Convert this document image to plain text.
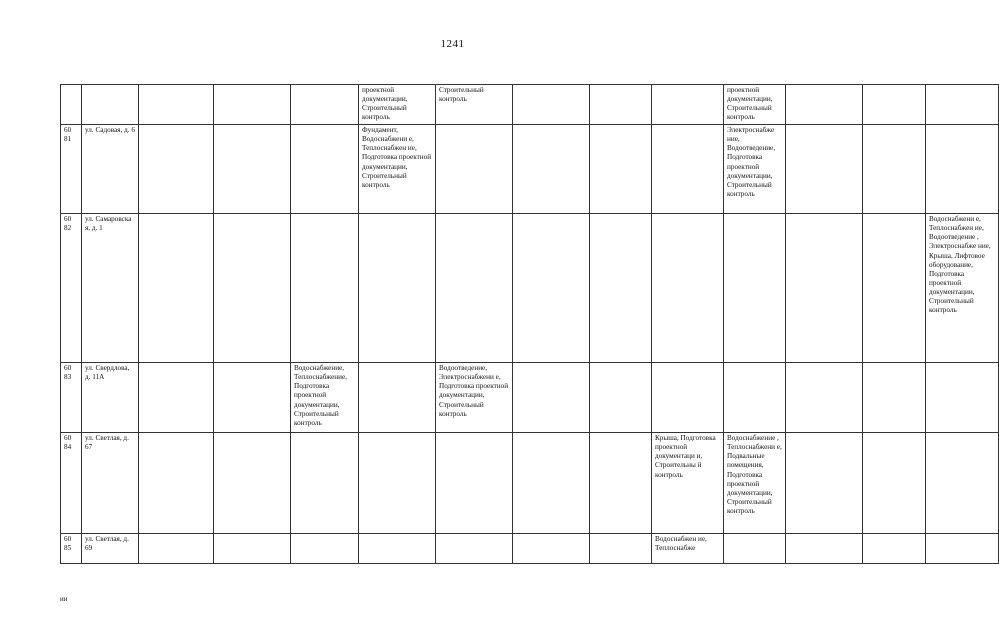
1241
					проектной документации, Строительный контроль	Строительный контроль				проектной документации, Строительный контроль			
60 81	ул. Садовая, д. 6				Фундамент, Водоснабжени е, Теплоснабжен ие, Подготовка проектной документации, Строительный контроль					Электроснабже ние, Водоотведение, Подготовка проектной документации, Строительный контроль			
60 82	ул. Самаровска я, д. 1												Водоснабжени е, Теплоснабжен ие, Водоотведение , Электроснабже ние, Крыша, Лифтовое оборудование, Подготовка проектной документации, Строительный контроль
60 83	ул. Свердлова, д. 11А			Водоснабжение, Теплоснабжение, Подготовка проектной документации, Строительный контроль		Водоотведение, Электроснабжени е, Подготовка проектной документации, Строительный контроль							
60 84	ул. Светлая, д. 67								Крыша, Подготовка проектной документаци и, Строительны й контроль	Водоснабжение , Теплоснабжени е, Подвальные помещения, Подготовка проектной документации, Строительный контроль			
60 85	ул. Светлая, д. 69								Водоснабжен ие, Теплоснабже				
ии
